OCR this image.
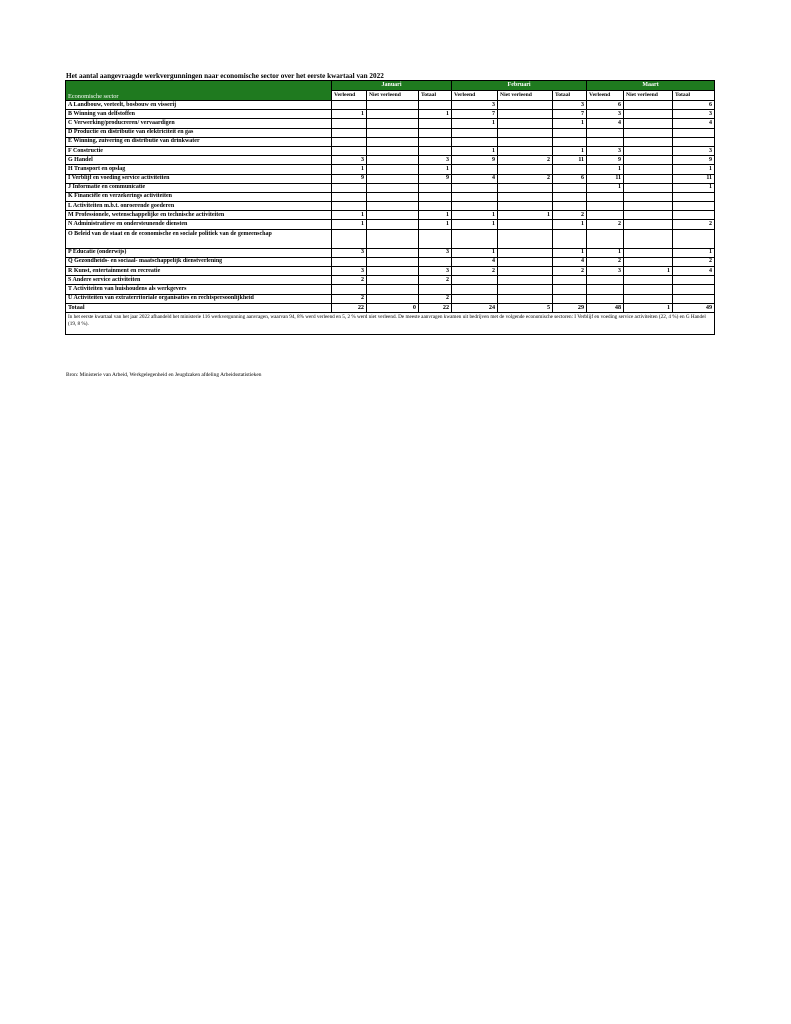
Het aantal aangevraagde werkvergunningen naar economische sector over het eerste kwartaal van 2022
Economische sector	Januari			Februari			Maart		
	Verleend	Niet verleend	Totaal	Verleend	Niet verleend	Totaal	Verleend	Niet verleend	Totaal
A Landbouw, veeteelt, bosbouw en visserij				3		3	6		6
B Winning van delfstoffen	1		1	7		7	3		3
C Verwerking/producreren/ vervaardigen				1		1	4		4
D Productie en distributie van elektriciteit en gas									
E Winning, zuivering en distributie van drinkwater									
F Constructie				1		1	3		3
G Handel	3		3	9	2	11	9		9
H Transport en opslag	1		1				1		1
I Verblijf en voeding service activiteiten	9		9	4	2	6	11		11
J Informatie en communicatie							1		1
K Financiële en verzekerings activiteiten									
L Activiteiten m.b.t. onroerende goederen									
M Professionele, wetenschappelijke en technische activiteiten	1		1	1	1	2			
N Administratieve en ondersteunende diensten	1		1	1		1	2		2
O Beleid van de staat en de economische en sociale politiek van de gemeenschap									
P Educatie (onderwijs)	3		3	1		1	1		1
Q Gezondheids- en sociaal- maatschappelijk dienstverlening				4		4	2		2
R Kunst, entertainment en recreatie	3		3	2		2	3	1	4
S Andere service activiteiten	2		2						
T Activiteiten van huishoudens als werkgevers									
U Activiteiten van extraterritoriale organisaties en rechtspersoonlijkheid	2		2						
Totaal	22	0	22	24	5	29	48	1	49
In het eerste kwartaal van het jaar 2022 afhandeld het ministerie 116 werkvergunning aanvragen, waarvan 94, 8% werd verleend en 5, 2 % werd niet verleend. De meeste aanvragen kwamen uit bedrijven met de volgende economische sectoren: I Verblijf en voeding service activiteiten (22, 4 %) en G Handel (19, 8 %).									
Bron: Ministerie van Arbeid, Werkgelegenheid en Jeugdzaken afdeling Arbeidsstatistieken
